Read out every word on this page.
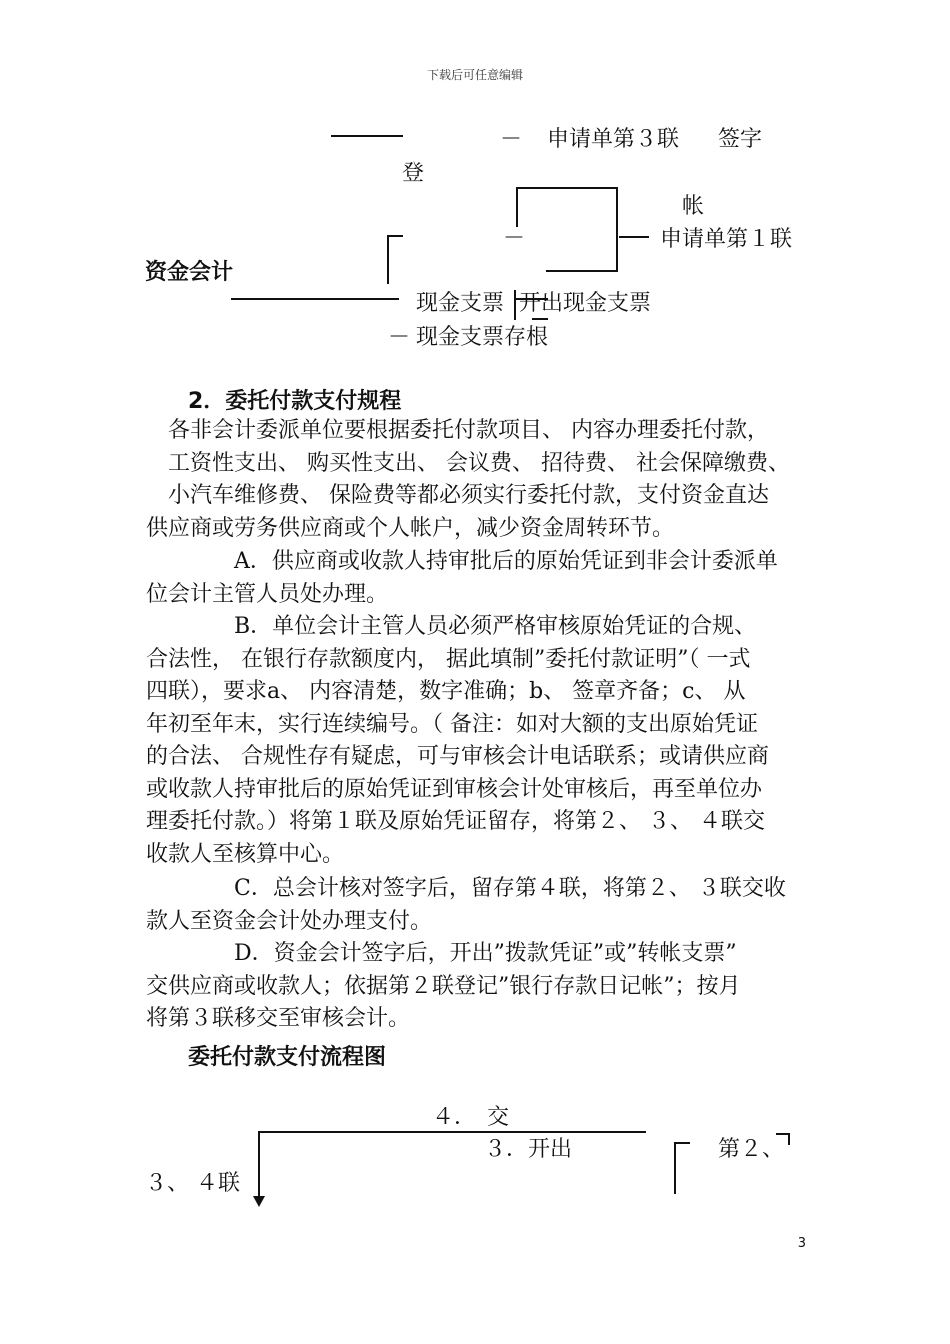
下载后可任意编辑
－ 申请单第３联 签字
登
帐
－	申请单第１联
资金会计
现金支票 开出现金支票
－ 现金支票存根
2．委托付款支付规程
　各非会计委派单位要根据委托付款项目、 内容办理委托付款，
　工资性支出、 购买性支出、 会议费、 招待费、 社会保障缴费、
　小汽车维修费、 保险费等都必须实行委托付款，支付资金直达
供应商或劳务供应商或个人帐户，减少资金周转环节。
　　　　A．供应商或收款人持审批后的原始凭证到非会计委派单
位会计主管人员处办理。
　　　　B．单位会计主管人员必须严格审核原始凭证的合规、
合法性， 在银行存款额度内， 据此填制”委托付款证明”（ 一式
四联），要求a、 内容清楚，数字准确；b、 签章齐备；c、 从
年初至年末，实行连续编号。（ 备注：如对大额的支出原始凭证
的合法、 合规性存有疑虑，可与审核会计电话联系；或请供应商
或收款人持审批后的原始凭证到审核会计处审核后，再至单位办
理委托付款。）将第１联及原始凭证留存，将第２、 ３、 ４联交
收款人至核算中心。
　　　　C．总会计核对签字后，留存第４联，将第２、 ３联交收
款人至资金会计处办理支付。
　　　　D．资金会计签字后，开出”拨款凭证”或”转帐支票”
交供应商或收款人；依据第２联登记”银行存款日记帐”；按月
将第３联移交至审核会计。
委托付款支付流程图
４．　交
３．开出	第２、
３、 ４联
3
